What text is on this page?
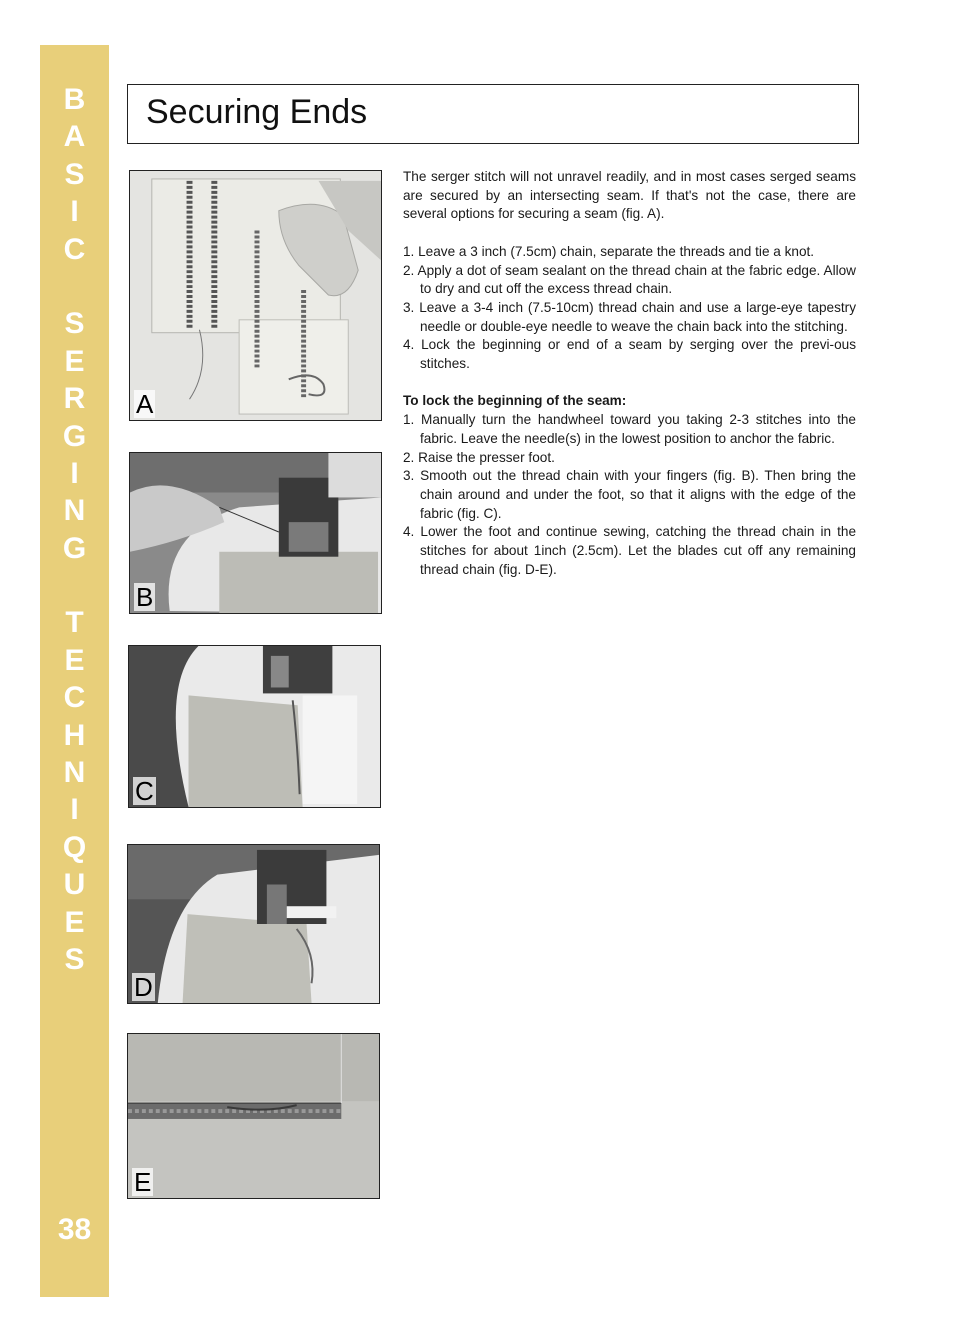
B
A
S
I
C
S
E
R
G
I
N
G
T
E
C
H
N
I
Q
U
E
S
38
Securing Ends
A
B
C
D
E

The serger stitch will not unravel readily, and in most cases serged seams are secured by an intersecting seam. If that's not the case, there are several options for securing a seam (fig. A).

1. Leave a 3 inch (7.5cm) chain, separate the threads and tie a knot.

2. Apply a dot of seam sealant on the thread chain at the fabric edge. Allow to dry and cut off the excess thread chain.

3. Leave a 3-4 inch (7.5-10cm) thread chain and use a large-eye tapestry needle or double-eye needle to weave the chain back into the stitching.

4. Lock the beginning or end of a seam by serging over the previ-ous stitches.

To lock the beginning of the seam:

1. Manually turn the handwheel toward you taking 2-3 stitches into the fabric. Leave the needle(s) in the lowest position to anchor the fabric.

2. Raise the presser foot.

3. Smooth out the thread chain with your fingers (fig. B). Then bring the chain around and under the foot, so that it aligns with the edge of the fabric (fig. C).

4. Lower the foot and continue sewing, catching the thread chain in the stitches for about 1inch (2.5cm). Let the blades cut off any remaining thread chain (fig. D-E).
